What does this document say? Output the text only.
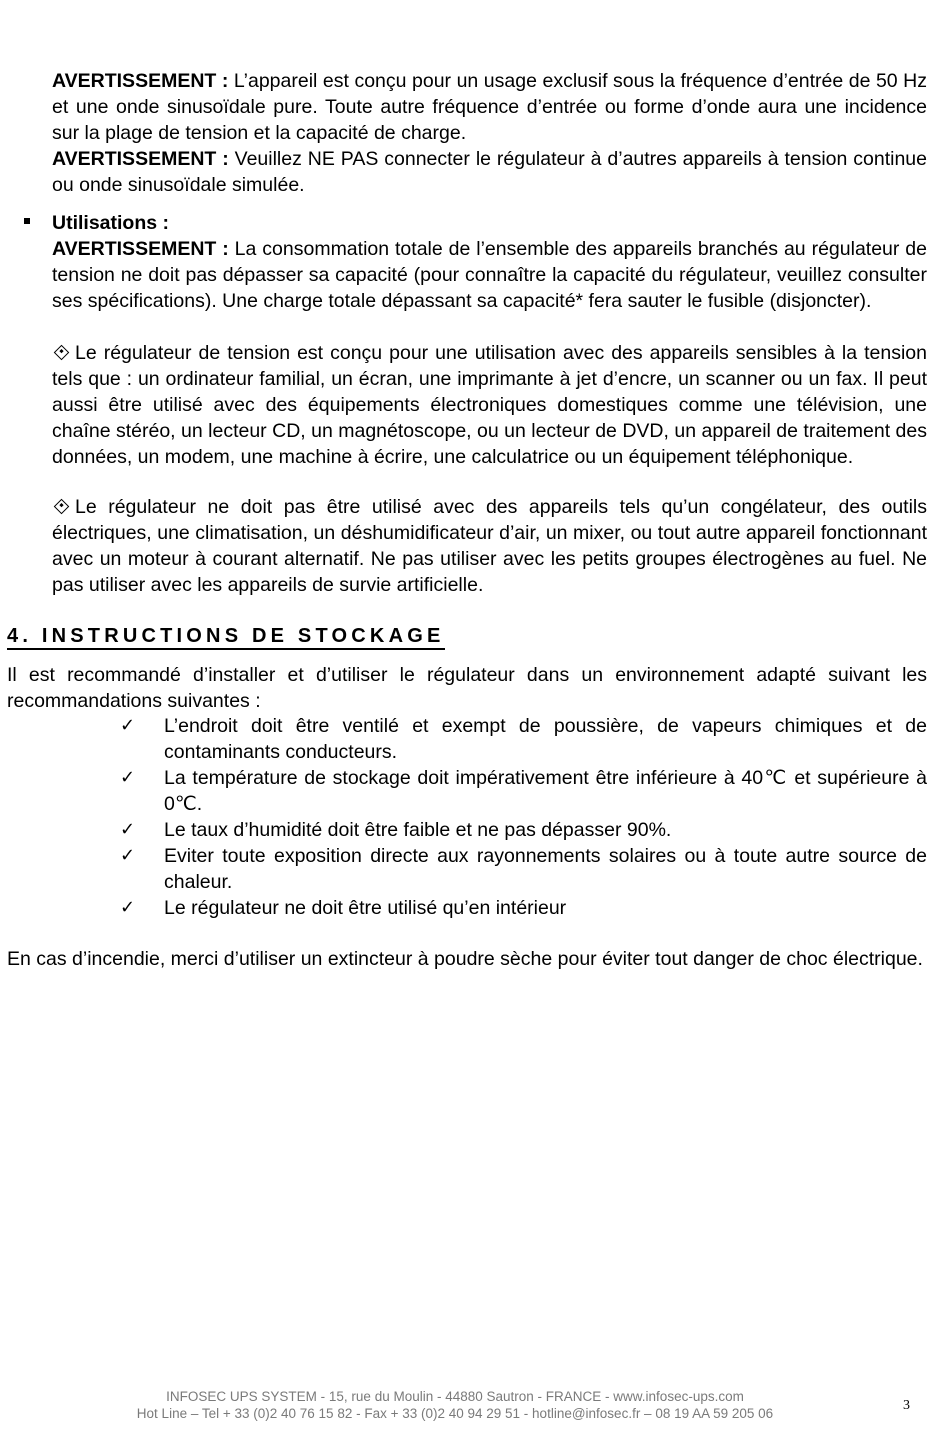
AVERTISSEMENT : L’appareil est conçu pour un usage exclusif sous la fréquence d’entrée de 50 Hz et une onde sinusoïdale pure. Toute autre fréquence d’entrée ou forme d’onde aura une incidence sur la plage de tension et la capacité de charge.

AVERTISSEMENT : Veuillez NE PAS connecter le régulateur à d’autres appareils à tension continue ou onde sinusoïdale simulée.

Utilisations :

AVERTISSEMENT : La consommation totale de l’ensemble des appareils branchés au régulateur de tension ne doit pas dépasser sa capacité (pour connaître la capacité du régulateur, veuillez consulter ses spécifications). Une charge totale dépassant sa capacité* fera sauter le fusible (disjoncter).

Le régulateur de tension est conçu pour une utilisation avec des appareils sensibles à la tension tels que : un ordinateur familial, un écran, une imprimante à jet d’encre, un scanner ou un fax. Il peut aussi être utilisé avec des équipements électroniques domestiques comme une télévision, une chaîne stéréo, un lecteur CD, un magnétoscope, ou un lecteur de DVD, un appareil de traitement des données, un modem, une machine à écrire, une calculatrice ou un équipement téléphonique.

Le régulateur ne doit pas être utilisé avec des appareils tels qu’un congélateur, des outils électriques, une climatisation, un déshumidificateur d’air, un mixer, ou tout autre appareil fonctionnant avec un moteur à courant alternatif. Ne pas utiliser avec les petits groupes électrogènes au fuel. Ne pas utiliser avec les appareils de survie artificielle.

4. INSTRUCTIONS DE STOCKAGE

Il est recommandé d’installer et d’utiliser le régulateur dans un environnement adapté suivant les recommandations suivantes :

✓ L’endroit doit être ventilé et exempt de poussière, de vapeurs chimiques et de contaminants conducteurs.
✓ La température de stockage doit impérativement être inférieure à 40℃ et supérieure à 0℃.
✓ Le taux d’humidité doit être faible et ne pas dépasser 90%.
✓ Eviter toute exposition directe aux rayonnements solaires ou à toute autre source de chaleur.
✓ Le régulateur ne doit être utilisé qu’en intérieur

En cas d’incendie, merci d’utiliser un extincteur à poudre sèche pour éviter tout danger de choc électrique.

INFOSEC UPS SYSTEM - 15, rue du Moulin - 44880 Sautron - FRANCE - www.infosec-ups.com
Hot Line – Tel + 33 (0)2 40 76 15 82 - Fax + 33 (0)2 40 94 29 51 - hotline@infosec.fr – 08 19 AA 59 205 06
3
